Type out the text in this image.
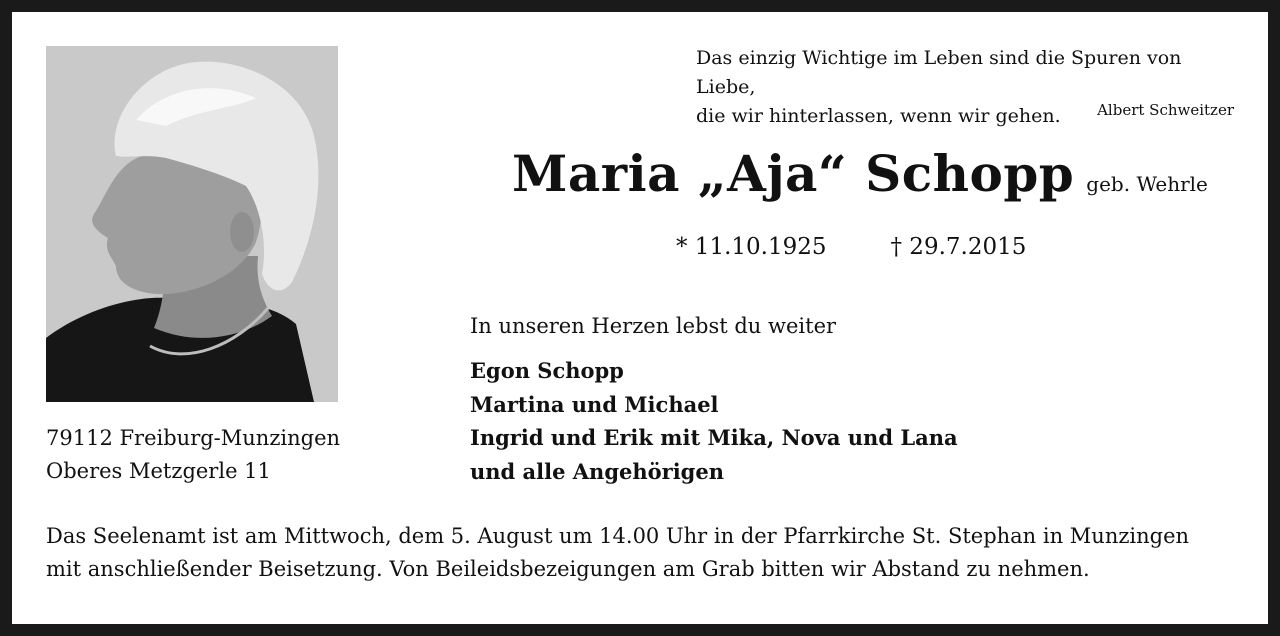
Das einzig Wichtige im Leben sind die Spuren von Liebe,
die wir hinterlassen, wenn wir gehen.	Albert Schweitzer
Maria „Aja“ Schopp geb. Wehrle
* 11.10.1925	† 29.7.2015
In unseren Herzen lebst du weiter
Egon Schopp
Martina und Michael
Ingrid und Erik mit Mika, Nova und Lana
und alle Angehörigen
79112 Freiburg-Munzingen
Oberes Metzgerle 11
Das Seelenamt ist am Mittwoch, dem 5. August um 14.00 Uhr in der Pfarrkirche St. Stephan in Munzingen
mit anschließender Beisetzung. Von Beileidsbezeigungen am Grab bitten wir Abstand zu nehmen.
